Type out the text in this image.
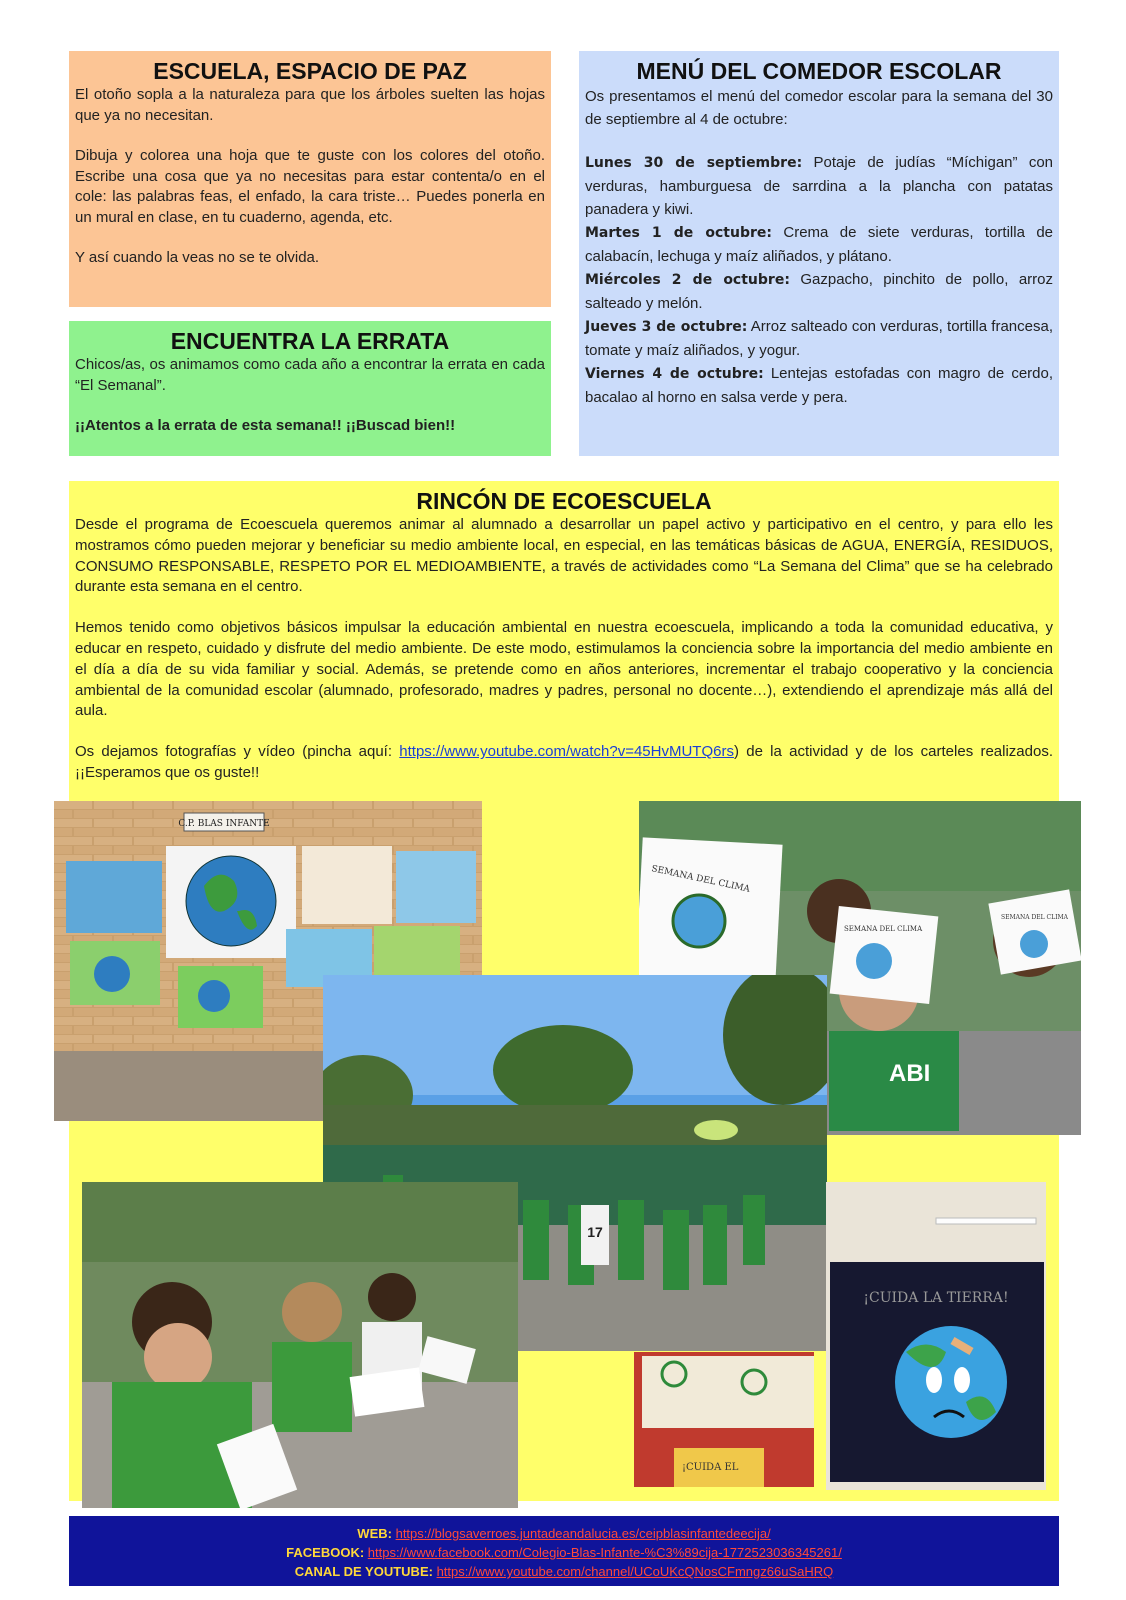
ESCUELA, ESPACIO DE PAZ

El otoño sopla a la naturaleza para que los árboles suelten las hojas que ya no necesitan.

Dibuja y colorea una hoja que te guste con los colores del otoño. Escribe una cosa que ya no necesitas para estar contenta/o en el cole: las palabras feas, el enfado, la cara triste… Puedes ponerla en un mural en clase, en tu cuaderno, agenda, etc.

Y así cuando la veas no se te olvida.

ENCUENTRA LA ERRATA

Chicos/as, os animamos como cada año a encontrar la errata en cada “El Semanal”.

¡¡Atentos a la errata de esta semana!! ¡¡Buscad bien!!

MENÚ DEL COMEDOR ESCOLAR

Os presentamos el menú del comedor escolar para la semana del 30 de septiembre al 4 de octubre:

Lunes 30 de septiembre: Potaje de judías “Míchigan” con verduras, hamburguesa de sarrdina a la plancha con patatas panadera y kiwi.

Martes 1 de octubre: Crema de siete verduras, tortilla de calabacín, lechuga y maíz aliñados, y plátano.

Miércoles 2 de octubre: Gazpacho, pinchito de pollo, arroz salteado y melón.

Jueves 3 de octubre: Arroz salteado con verduras, tortilla francesa, tomate y maíz aliñados, y yogur.

Viernes 4 de octubre: Lentejas estofadas con magro de cerdo, bacalao al horno en salsa verde y pera.

RINCÓN DE ECOESCUELA

Desde el programa de Ecoescuela queremos animar al alumnado a desarrollar un papel activo y participativo en el centro, y para ello les mostramos cómo pueden mejorar y beneficiar su medio ambiente local, en especial, en las temáticas básicas de AGUA, ENERGÍA, RESIDUOS, CONSUMO RESPONSABLE, RESPETO POR EL MEDIOAMBIENTE, a través de actividades como “La Semana del Clima” que se ha celebrado durante esta semana en el centro.

Hemos tenido como objetivos básicos impulsar la educación ambiental en nuestra ecoescuela, implicando a toda la comunidad educativa, y educar en respeto, cuidado y disfrute del medio ambiente. De este modo, estimulamos la conciencia sobre la importancia del medio ambiente en el día a día de su vida familiar y social. Además, se pretende como en años anteriores, incrementar el trabajo cooperativo y la conciencia ambiental de la comunidad escolar (alumnado, profesorado, madres y padres, personal no docente…), extendiendo el aprendizaje más allá del aula.

Os dejamos fotografías y vídeo (pincha aquí: https://www.youtube.com/watch?v=45HvMUTQ6rs) de la actividad y de los carteles realizados. ¡¡Esperamos que os guste!!

C.P. BLAS INFANTE
ABI
SEMANA DEL CLIMA
SEMANA DEL CLIMA
SEMANA DEL CLIMA
17
¡CUIDA EL
¡CUIDA LA TIERRA!
WEB: https://blogsaverroes.juntadeandalucia.es/ceipblasinfantedeecija/
FACEBOOK: https://www.facebook.com/Colegio-Blas-Infante-%C3%89cija-1772523036345261/
CANAL DE YOUTUBE: https://www.youtube.com/channel/UCoUKcQNosCFmngz66uSaHRQ
